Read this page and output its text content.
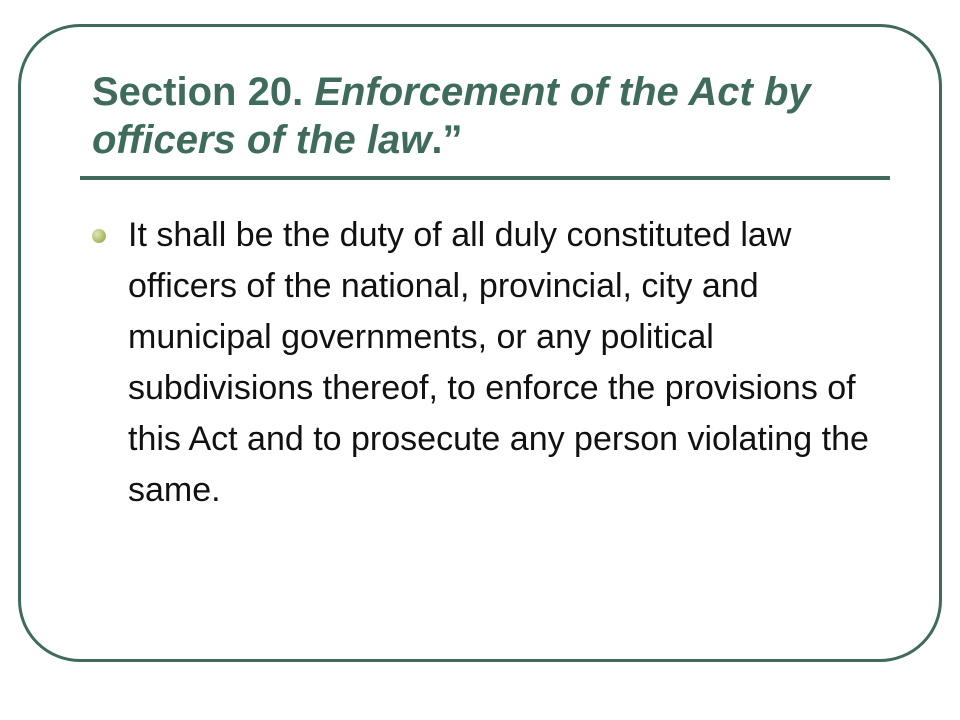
Section 20. Enforcement of the Act by officers of the law.”
It shall be the duty of all duly constituted law officers of the national, provincial, city and municipal governments, or any political subdivisions thereof, to enforce the provisions of this Act and to prosecute any person violating the same.
